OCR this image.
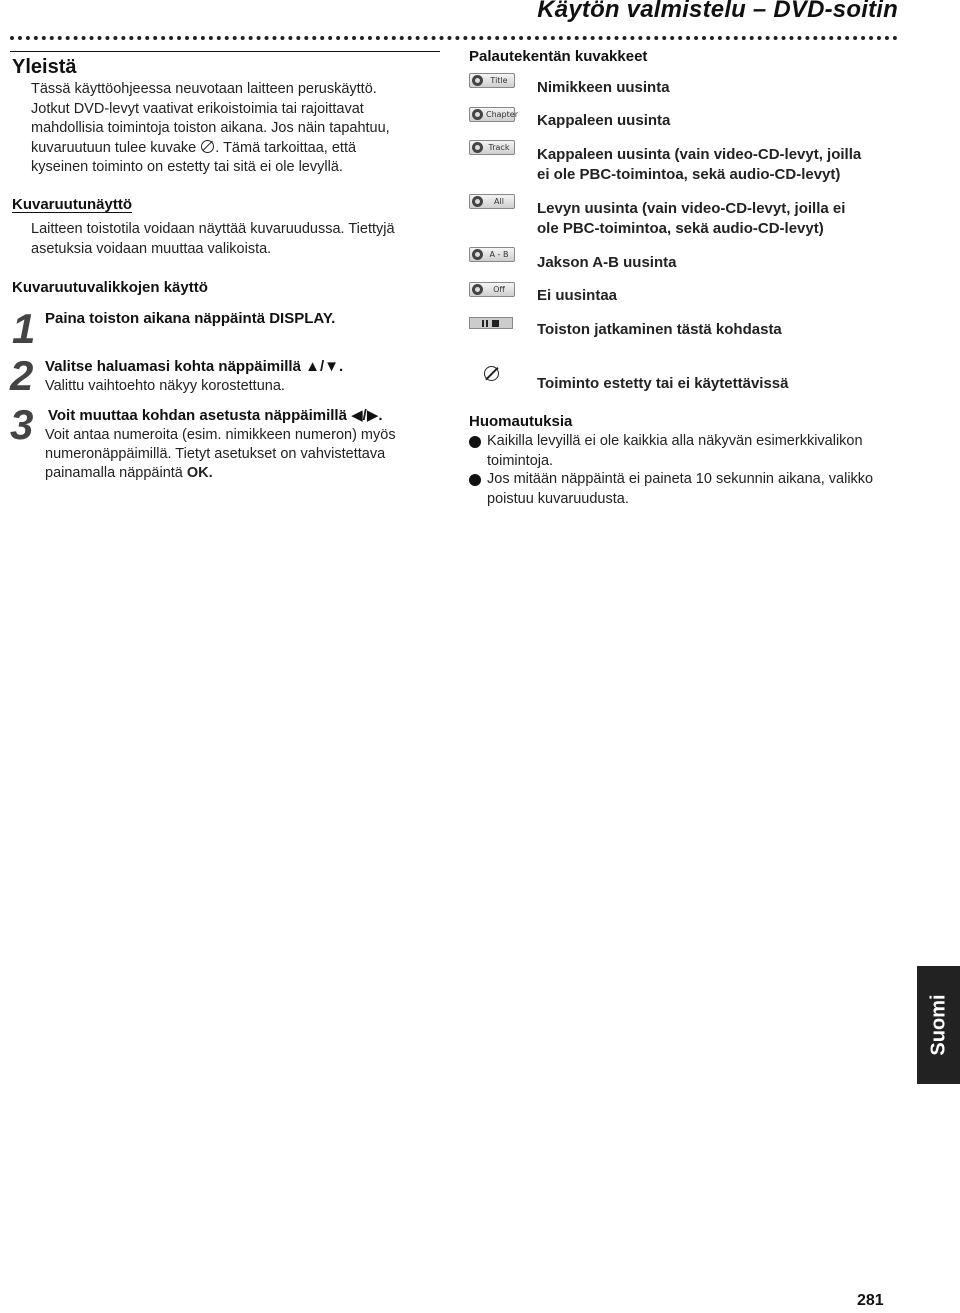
Käytön valmistelu – DVD-soitin
Yleistä
Tässä käyttöohjeessa neuvotaan laitteen peruskäyttö.
Jotkut DVD-levyt vaativat erikoistoimia tai rajoittavat
mahdollisia toimintoja toiston aikana. Jos näin tapahtuu,
kuvaruutuun tulee kuvake . Tämä tarkoittaa, että
kyseinen toiminto on estetty tai sitä ei ole levyllä.
Kuvaruutunäyttö
Laitteen toistotila voidaan näyttää kuvaruudussa. Tiettyjä
asetuksia voidaan muuttaa valikoista.
Kuvaruutuvalikkojen käyttö
1 Paina toiston aikana näppäintä DISPLAY.
2 Valitse haluamasi kohta näppäimillä ▲/▼.
Valittu vaihtoehto näkyy korostettuna.
3 Voit muuttaa kohdan asetusta näppäimillä ◀/▶.
Voit antaa numeroita (esim. nimikkeen numeron) myös
numeronäppäimillä. Tietyt asetukset on vahvistettava
painamalla näppäintä OK.
Palautekentän kuvakkeet
Title Nimikkeen uusinta
Chapter Kappaleen uusinta
Track Kappaleen uusinta (vain video-CD-levyt, joilla
ei ole PBC-toimintoa, sekä audio-CD-levyt)
All	Levyn uusinta (vain video-CD-levyt, joilla ei
ole PBC-toimintoa, sekä audio-CD-levyt)
A - B Jakson A-B uusinta
Off	Ei uusintaa
Toiston jatkaminen tästä kohdasta
Toiminto estetty tai ei käytettävissä
Huomautuksia
Kaikilla levyillä ei ole kaikkia alla näkyvän esimerkkivalikon
toimintoja.
Jos mitään näppäintä ei paineta 10 sekunnin aikana, valikko
poistuu kuvaruudusta.
Suomi
281
